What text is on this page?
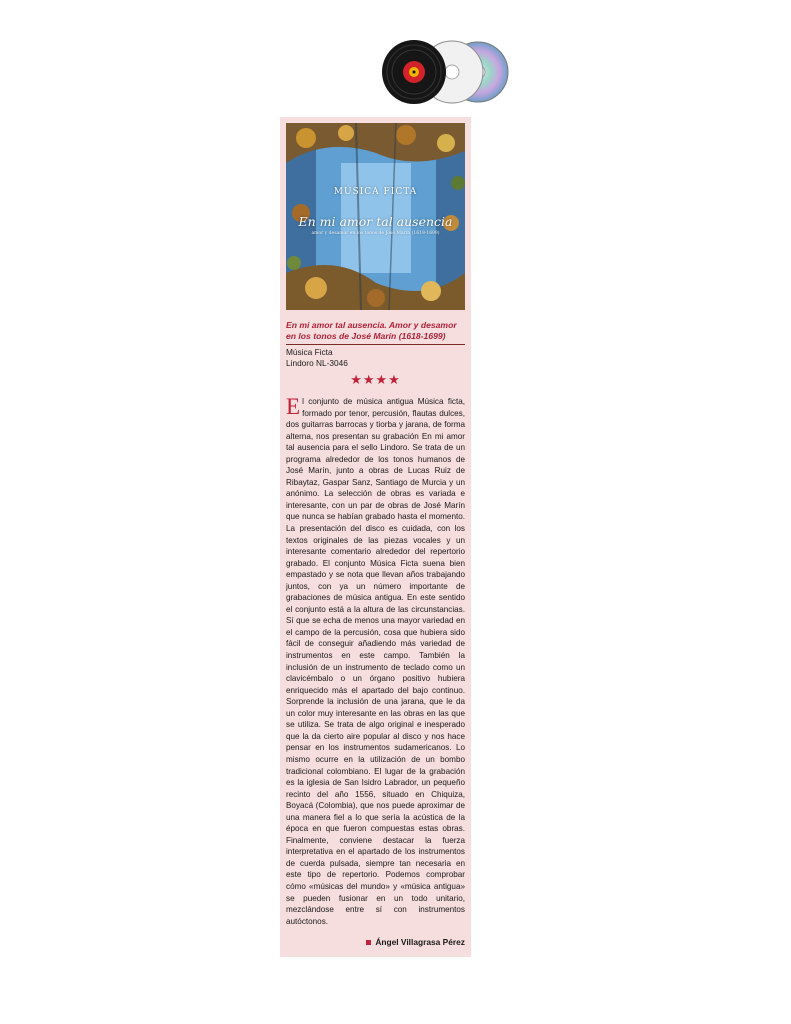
MÚSICA FICTA
En mi amor tal ausencia
amor y desamor en los tonos de José Marín (1618-1699)

En mi amor tal ausencia. Amor y desamor en los tonos de José Marín (1618-1699)

Música Ficta
Lindoro NL-3046
★★★★
E l conjunto de música antigua Música ficta, formado por tenor, percusión, flautas dulces, dos guitarras barrocas y tiorba y jarana, de forma alterna, nos presentan su grabación En mi amor tal ausencia para el sello Lindoro. Se trata de un programa alrededor de los tonos humanos de José Marín, junto a obras de Lucas Ruiz de Ribaytaz, Gaspar Sanz, Santiago de Murcia y un anónimo. La selección de obras es variada e interesante, con un par de obras de José Marín que nunca se habían grabado hasta el momento. La presentación del disco es cuidada, con los textos originales de las piezas vocales y un interesante comentario alrededor del repertorio grabado. El conjunto Música Ficta suena bien empastado y se nota que llevan años trabajando juntos, con ya un número importante de grabaciones de música antigua. En este sentido el conjunto está a la altura de las circunstancias. Sí que se echa de menos una mayor variedad en el campo de la percusión, cosa que hubiera sido fácil de conseguir añadiendo más variedad de instrumentos en este campo. También la inclusión de un instrumento de teclado como un clavicémbalo o un órgano positivo hubiera enriquecido más el apartado del bajo continuo. Sorprende la inclusión de una jarana, que le da un color muy interesante en las obras en las que se utiliza. Se trata de algo original e inesperado que la da cierto aire popular al disco y nos hace pensar en los instrumentos sudamericanos. Lo mismo ocurre en la utilización de un bombo tradicional colombiano. El lugar de la grabación es la iglesia de San Isidro Labrador, un pequeño recinto del año 1556, situado en Chiquiza, Boyacá (Colombia), que nos puede aproximar de una manera fiel a lo que sería la acústica de la época en que fueron compuestas estas obras. Finalmente, conviene destacar la fuerza interpretativa en el apartado de los instrumentos de cuerda pulsada, siempre tan necesaria en este tipo de repertorio. Podemos comprobar cómo «músicas del mundo» y «música antigua» se pueden fusionar en un todo unitario, mezclándose entre sí con instrumentos autóctonos.

Ángel Villagrasa Pérez
